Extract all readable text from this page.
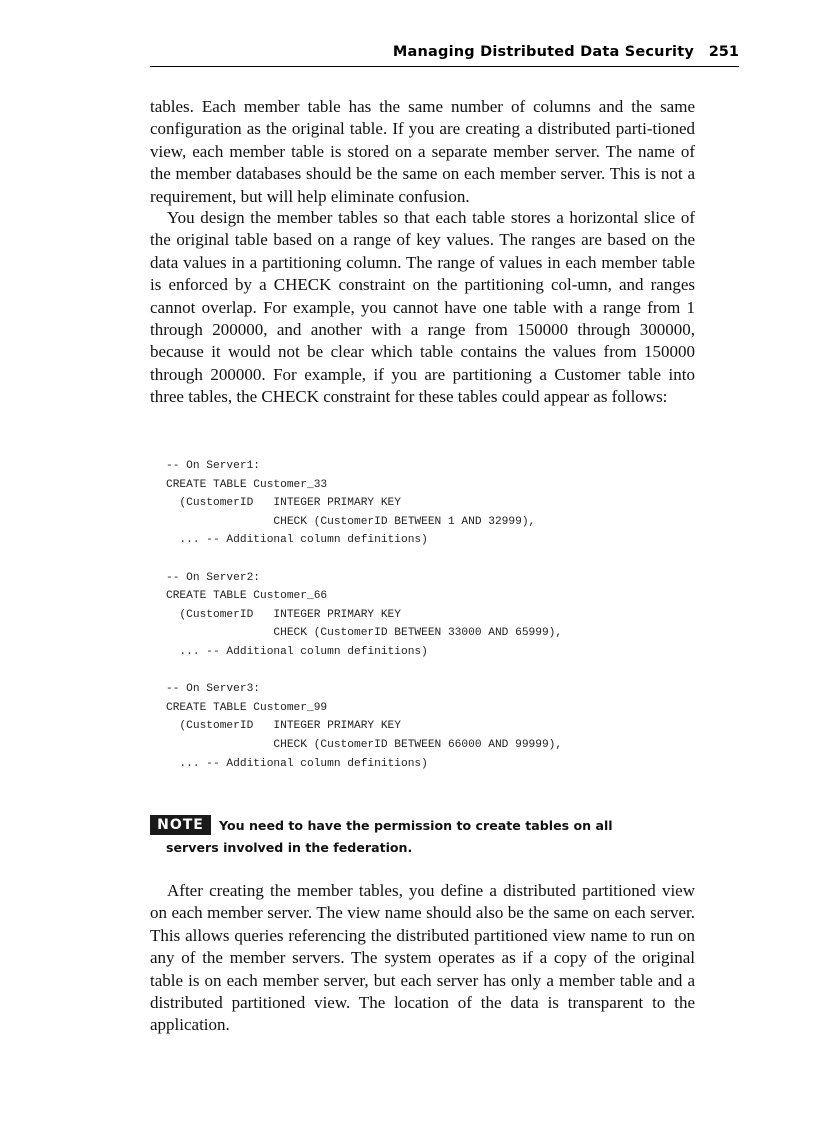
Managing Distributed Data Security 251

tables. Each member table has the same number of columns and the same configuration as the original table. If you are creating a distributed parti-tioned view, each member table is stored on a separate member server. The name of the member databases should be the same on each member server. This is not a requirement, but will help eliminate confusion.

You design the member tables so that each table stores a horizontal slice of the original table based on a range of key values. The ranges are based on the data values in a partitioning column. The range of values in each member table is enforced by a CHECK constraint on the partitioning col-umn, and ranges cannot overlap. For example, you cannot have one table with a range from 1 through 200000, and another with a range from 150000 through 300000, because it would not be clear which table contains the values from 150000 through 200000. For example, if you are partitioning a Customer table into three tables, the CHECK constraint for these tables could appear as follows:

-- On Server1:
CREATE TABLE Customer_33
(CustomerID   INTEGER PRIMARY KEY
CHECK (CustomerID BETWEEN 1 AND 32999),
... -- Additional column definitions)

-- On Server2:
CREATE TABLE Customer_66
(CustomerID   INTEGER PRIMARY KEY
CHECK (CustomerID BETWEEN 33000 AND 65999),
... -- Additional column definitions)

-- On Server3:
CREATE TABLE Customer_99
(CustomerID   INTEGER PRIMARY KEY
CHECK (CustomerID BETWEEN 66000 AND 99999),
... -- Additional column definitions)
NOTE	You need to have the permission to create tables on all servers involved in the federation.

After creating the member tables, you define a distributed partitioned view on each member server. The view name should also be the same on each server. This allows queries referencing the distributed partitioned view name to run on any of the member servers. The system operates as if a copy of the original table is on each member server, but each server has only a member table and a distributed partitioned view. The location of the data is transparent to the application.
